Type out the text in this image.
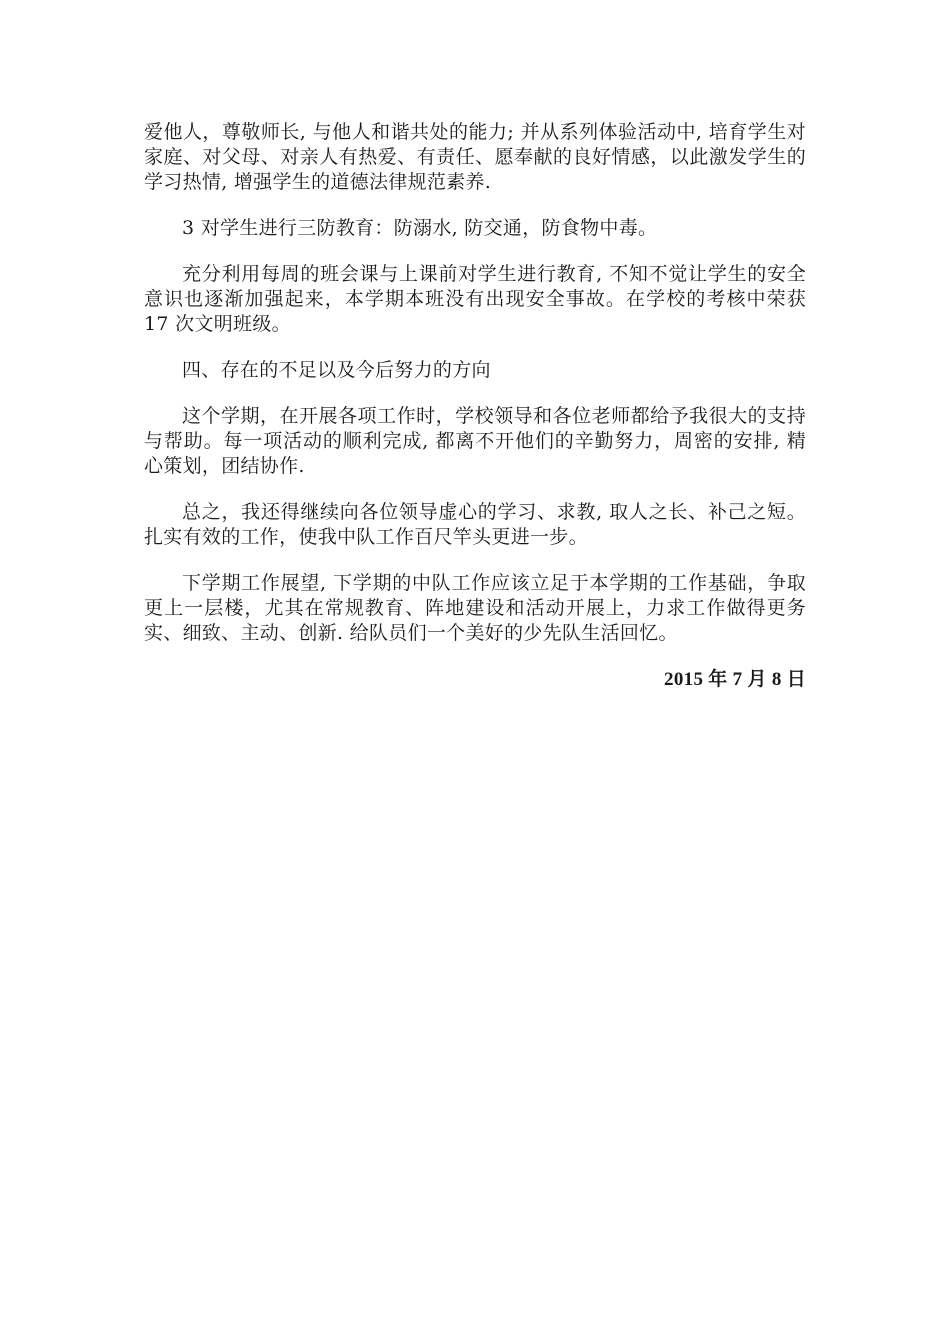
爱他人，尊敬师长, 与他人和谐共处的能力; 并从系列体验活动中, 培育学生对家庭、对父母、对亲人有热爱、有责任、愿奉献的良好情感，以此激发学生的学习热情, 增强学生的道德法律规范素养.

3 对学生进行三防教育：防溺水, 防交通，防食物中毒。

充分利用每周的班会课与上课前对学生进行教育, 不知不觉让学生的安全意识也逐渐加强起来，本学期本班没有出现安全事故。在学校的考核中荣获 17 次文明班级。

四、存在的不足以及今后努力的方向

这个学期，在开展各项工作时，学校领导和各位老师都给予我很大的支持与帮助。每一项活动的顺利完成, 都离不开他们的辛勤努力，周密的安排, 精心策划，团结协作.

总之，我还得继续向各位领导虚心的学习、求教, 取人之长、补己之短。扎实有效的工作，使我中队工作百尺竿头更进一步。

下学期工作展望, 下学期的中队工作应该立足于本学期的工作基础，争取更上一层楼，尤其在常规教育、阵地建设和活动开展上，力求工作做得更务实、细致、主动、创新. 给队员们一个美好的少先队生活回忆。

2015 年 7 月 8 日
